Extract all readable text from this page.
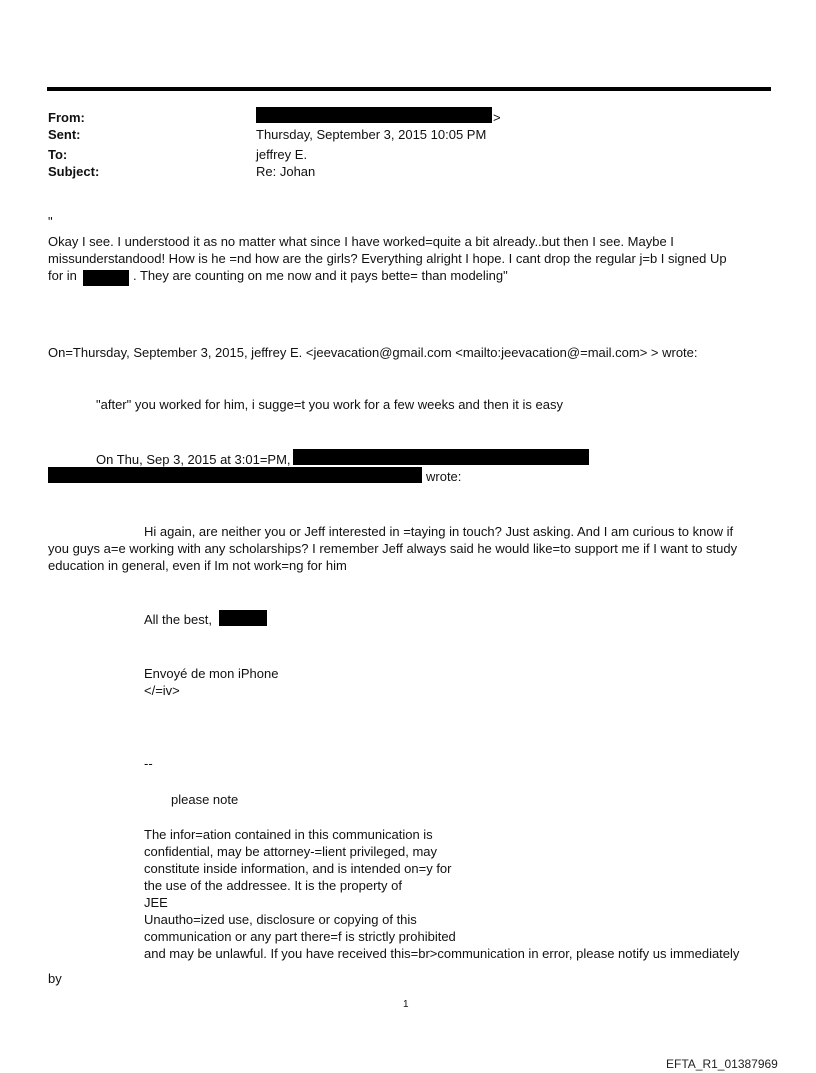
From:	>
Sent:	Thursday, September 3, 2015 10:05 PM
To:	jeffrey E.
Subject:	Re: Johan
"
Okay I see. I understood it as no matter what since I have worked=quite a bit already..but then I see. Maybe I
missunderstandood! How is he =nd how are the girls? Everything alright I hope. I cant drop the regular j=b I signed Up
for in	. They are counting on me now and it pays bette= than modeling"
On=Thursday, September 3, 2015, jeffrey E. <jeevacation@gmail.com <mailto:jeevacation@=mail.com> > wrote:
"after" you worked for him, i sugge=t you work for a few weeks and then it is easy
On Thu, Sep 3, 2015 at 3:01=PM,
wrote:
Hi again, are neither you or Jeff interested in =taying in touch? Just asking. And I am curious to know if
you guys a=e working with any scholarships? I remember Jeff always said he would like=to support me if I want to study
education in general, even if Im not work=ng for him
All the best,
Envoyé de mon iPhone
</=iv>
--
please note
The infor=ation contained in this communication is
confidential, may be attorney-=lient privileged, may
constitute inside information, and is intended on=y for
the use of the addressee. It is the property of
JEE
Unautho=ized use, disclosure or copying of this
communication or any part there=f is strictly prohibited
and may be unlawful. If you have received this=br>communication in error, please notify us immediately
by
1
EFTA_R1_01387969
